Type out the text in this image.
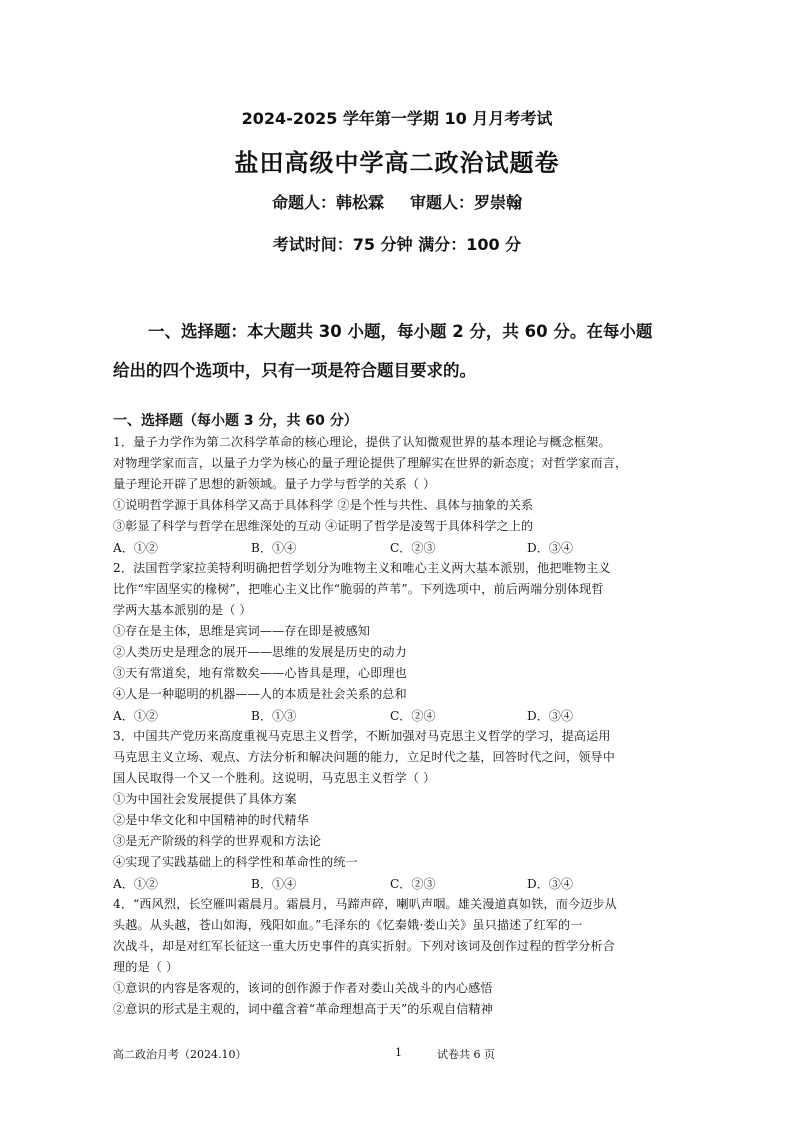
2024-2025 学年第一学期 10 月月考考试
盐田高级中学高二政治试题卷
命题人：韩松霖 审题人：罗崇翰
考试时间：75 分钟 满分：100 分
一、选择题：本大题共 30 小题，每小题 2 分，共 60 分。在每小题
给出的四个选项中，只有一项是符合题目要求的。
一、选择题（每小题 3 分，共 60 分）
1．量子力学作为第二次科学革命的核心理论，提供了认知微观世界的基本理论与概念框架。
对物理学家而言，以量子力学为核心的量子理论提供了理解实在世界的新态度；对哲学家而言，
量子理论开辟了思想的新领域。量子力学与哲学的关系（ ）
①说明哲学源于具体科学又高于具体科学 ②是个性与共性、具体与抽象的关系
③彰显了科学与哲学在思维深处的互动 ④证明了哲学是凌驾于具体科学之上的
A．①②	B．①④	C．②③	D．③④
2．法国哲学家拉美特利明确把哲学划分为唯物主义和唯心主义两大基本派别，他把唯物主义
比作“牢固坚实的椽树”，把唯心主义比作“脆弱的芦苇”。下列选项中，前后两端分别体现哲
学两大基本派别的是（ ）
①存在是主体，思维是宾词——存在即是被感知
②人类历史是理念的展开——思维的发展是历史的动力
③天有常道矣，地有常数矣——心皆具是理，心即理也
④人是一种聪明的机器——人的本质是社会关系的总和
A．①②	B．①③	C．②④	D．③④
3．中国共产党历来高度重视马克思主义哲学，不断加强对马克思主义哲学的学习，提高运用
马克思主义立场、观点、方法分析和解决问题的能力，立足时代之基，回答时代之问，领导中
国人民取得一个又一个胜利。这说明，马克思主义哲学（ ）
①为中国社会发展提供了具体方案
②是中华文化和中国精神的时代精华
③是无产阶级的科学的世界观和方法论
④实现了实践基础上的科学性和革命性的统一
A．①②	B．①④	C．②③	D．③④
4．“西风烈，长空雁叫霜晨月。霜晨月，马蹄声碎，喇叭声咽。雄关漫道真如铁，而今迈步从
头越。从头越，苍山如海，残阳如血。”毛泽东的《忆秦娥·娄山关》虽只描述了红军的一
次战斗，却是对红军长征这一重大历史事件的真实折射。下列对该词及创作过程的哲学分析合
理的是（ ）
①意识的内容是客观的，该词的创作源于作者对娄山关战斗的内心感悟
②意识的形式是主观的，词中蕴含着“革命理想高于天”的乐观自信精神
高二政治月考（2024.10）	1	试卷共 6 页
